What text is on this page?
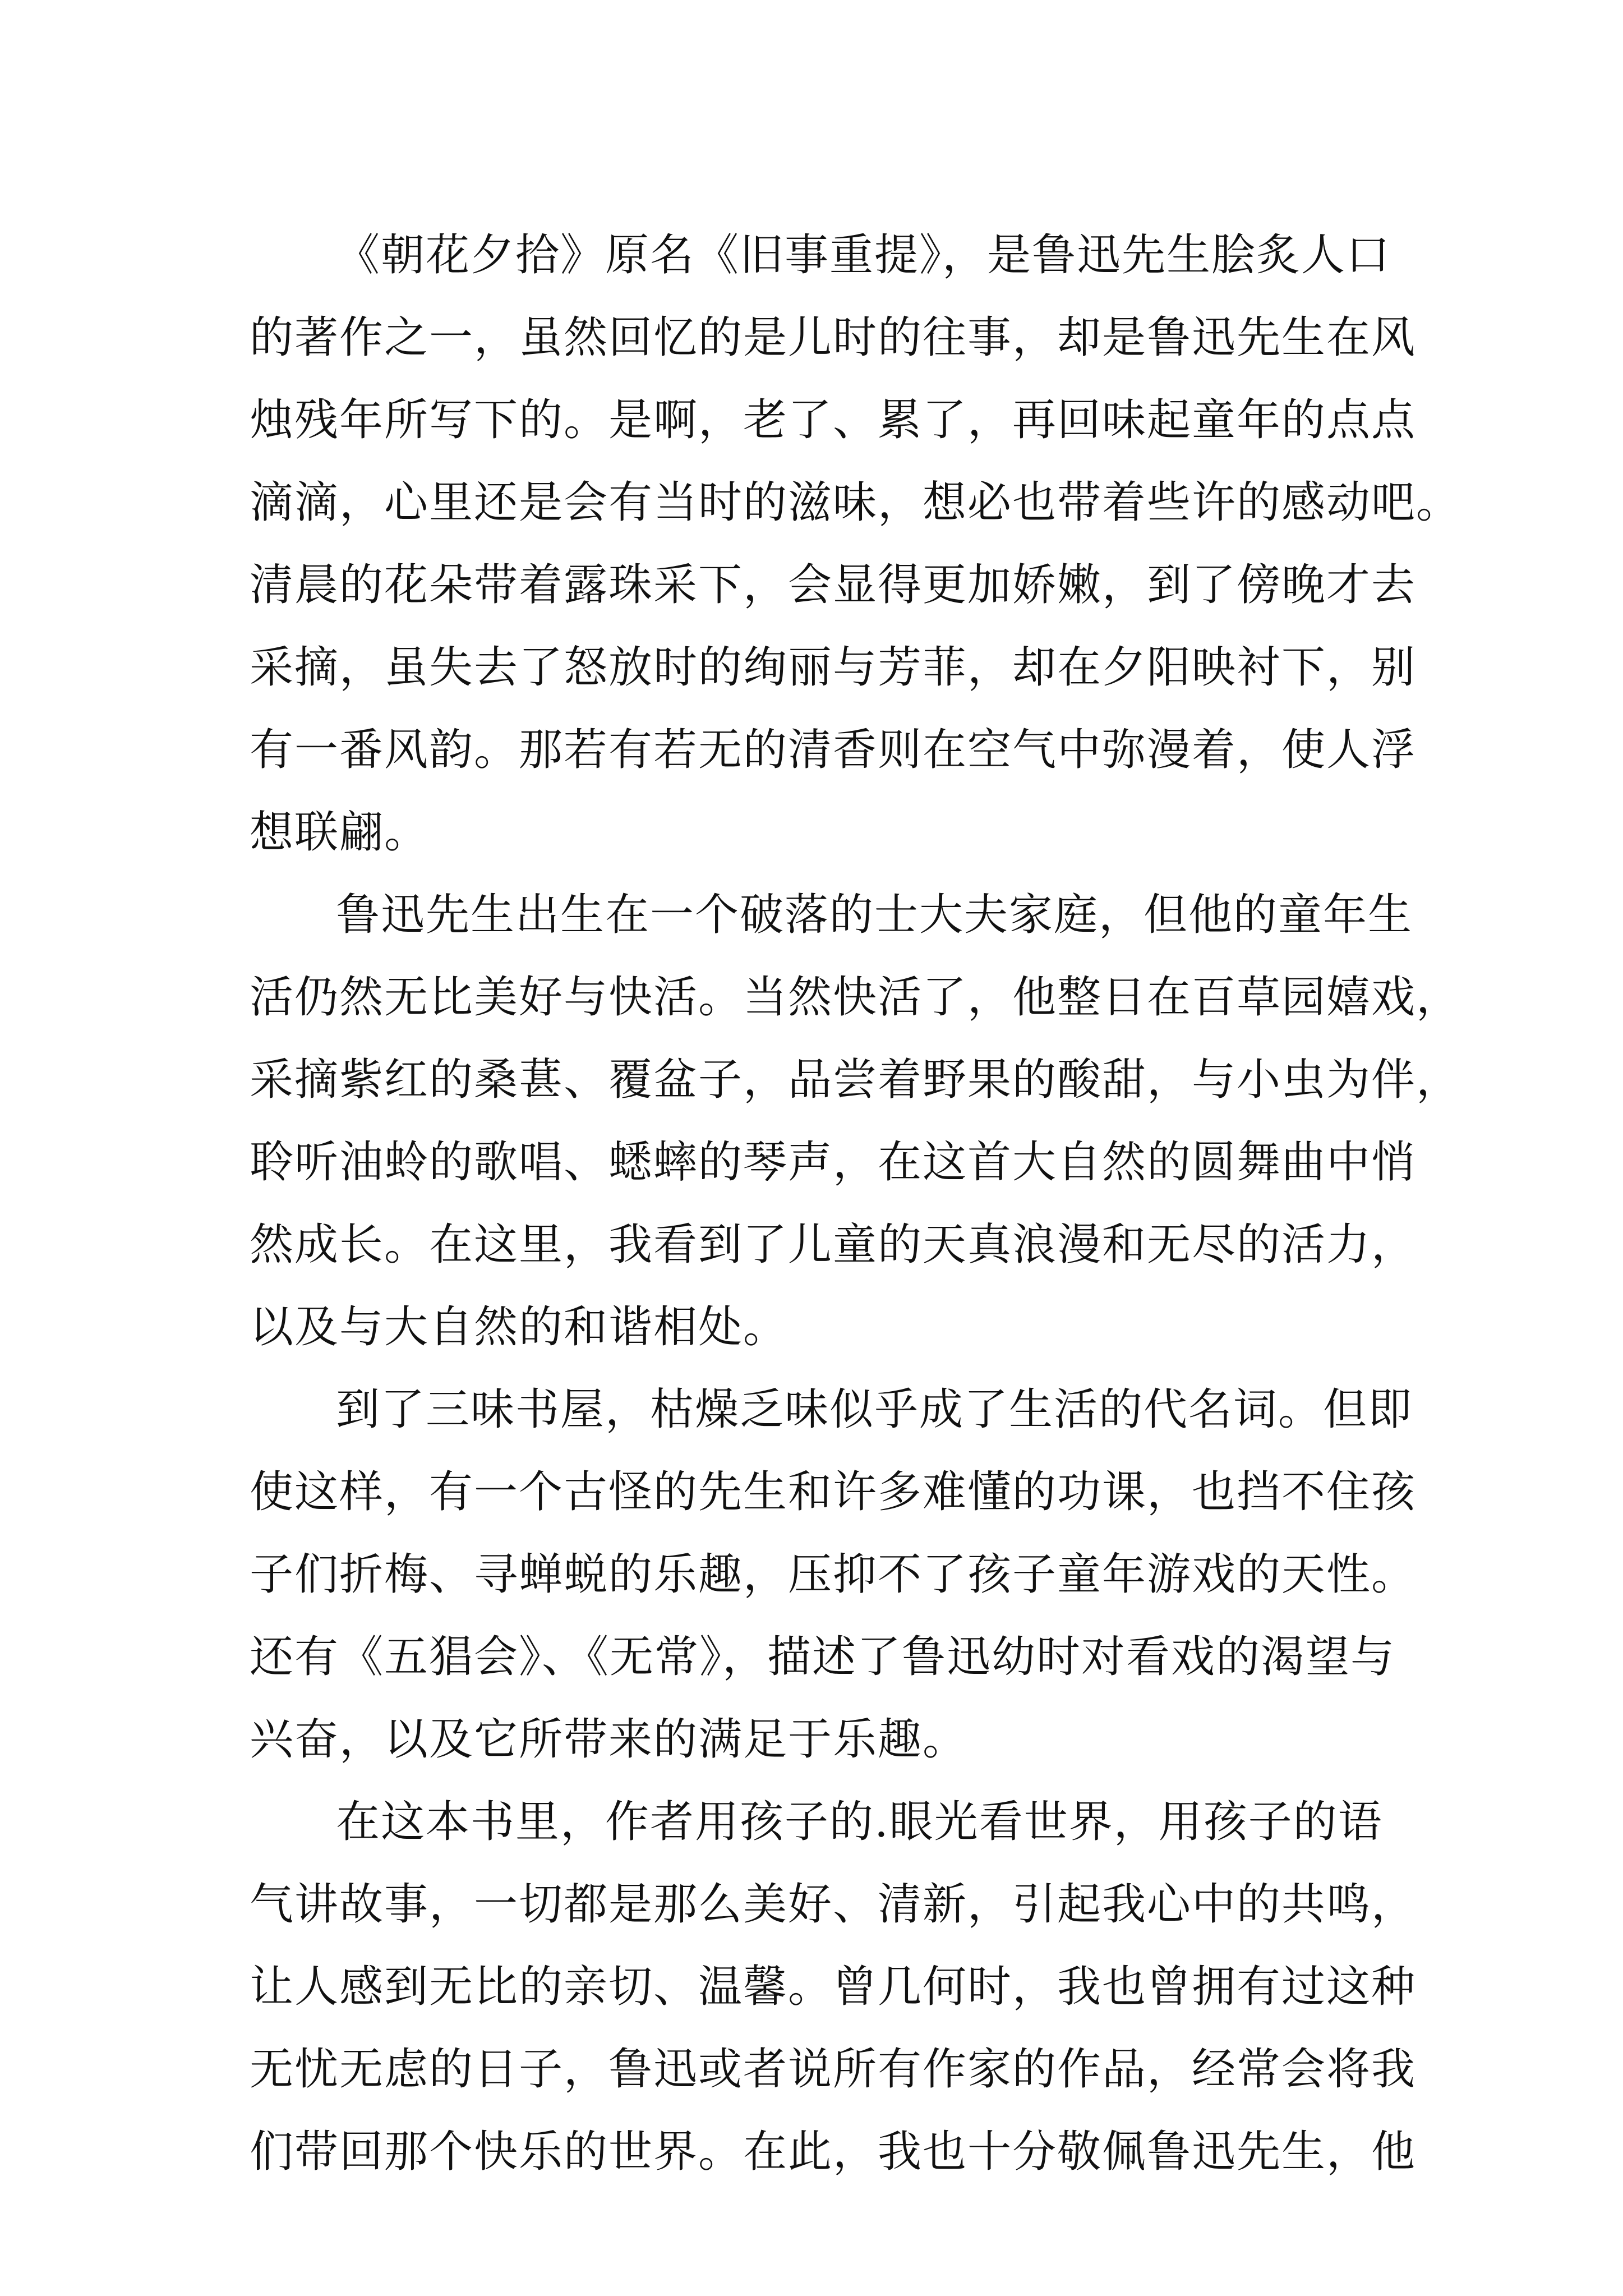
《朝花夕拾》原名《旧事重提》，是鲁迅先生脍炙人口
的著作之一，虽然回忆的是儿时的往事，却是鲁迅先生在风
烛残年所写下的。是啊，老了、累了，再回味起童年的点点
滴滴，心里还是会有当时的滋味，想必也带着些许的感动吧。
清晨的花朵带着露珠采下，会显得更加娇嫩，到了傍晚才去
采摘，虽失去了怒放时的绚丽与芳菲，却在夕阳映衬下，别
有一番风韵。那若有若无的清香则在空气中弥漫着，使人浮
想联翩。
鲁迅先生出生在一个破落的士大夫家庭，但他的童年生
活仍然无比美好与快活。当然快活了，他整日在百草园嬉戏，
采摘紫红的桑葚、覆盆子，品尝着野果的酸甜，与小虫为伴，
聆听油蛉的歌唱、蟋蟀的琴声，在这首大自然的圆舞曲中悄
然成长。在这里，我看到了儿童的天真浪漫和无尽的活力，
以及与大自然的和谐相处。
到了三味书屋，枯燥乏味似乎成了生活的代名词。但即
使这样，有一个古怪的先生和许多难懂的功课，也挡不住孩
子们折梅、寻蝉蜕的乐趣，压抑不了孩子童年游戏的天性。
还有《五猖会》、《无常》，描述了鲁迅幼时对看戏的渴望与
兴奋，以及它所带来的满足于乐趣。
在这本书里，作者用孩子的.眼光看世界，用孩子的语
气讲故事，一切都是那么美好、清新，引起我心中的共鸣，
让人感到无比的亲切、温馨。曾几何时，我也曾拥有过这种
无忧无虑的日子，鲁迅或者说所有作家的作品，经常会将我
们带回那个快乐的世界。在此，我也十分敬佩鲁迅先生，他
